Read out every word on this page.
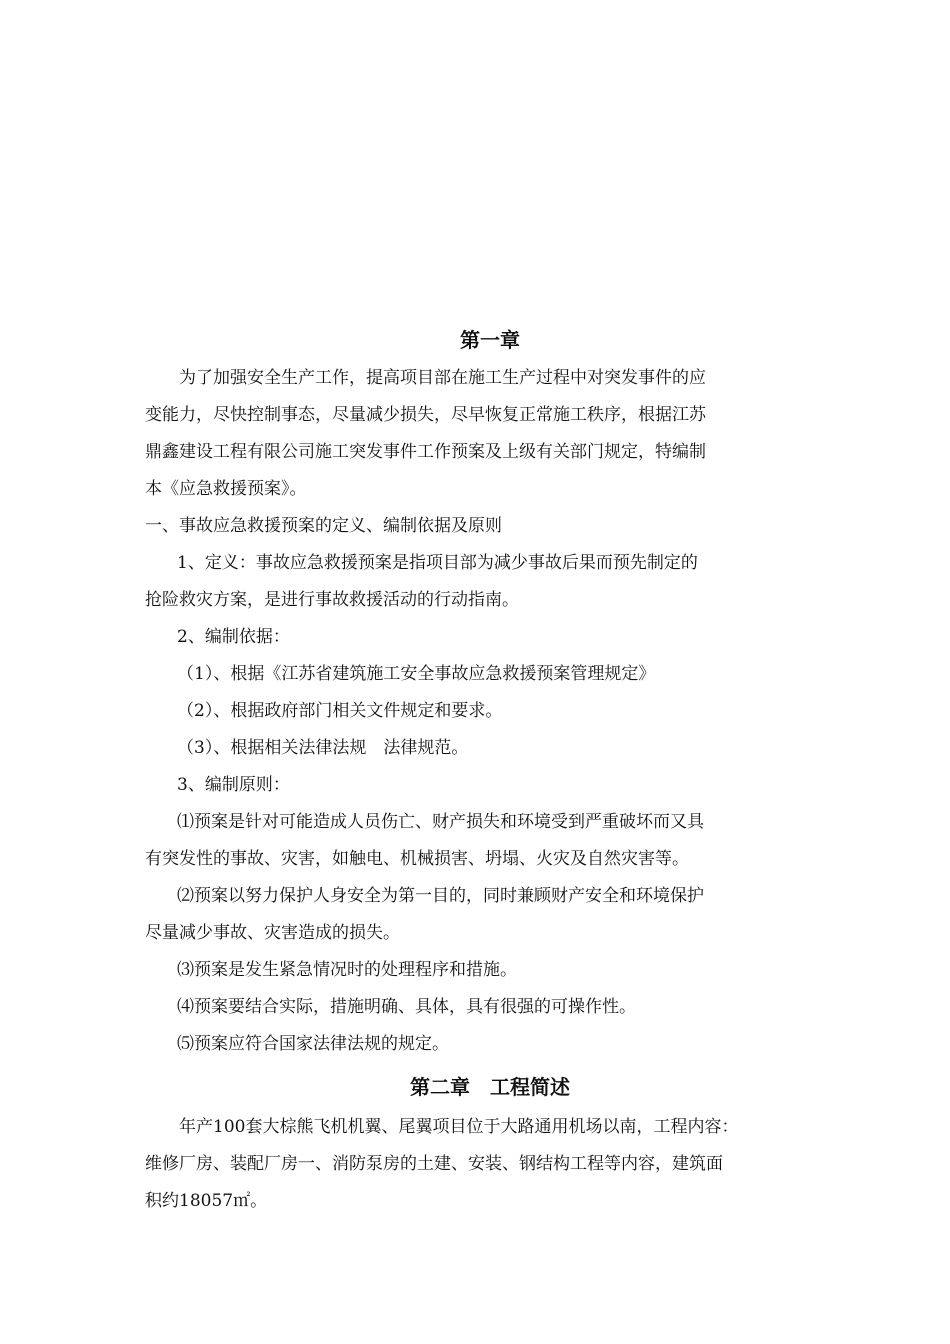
第一章

为了加强安全生产工作，提高项目部在施工生产过程中对突发事件的应

变能力，尽快控制事态，尽量减少损失，尽早恢复正常施工秩序，根据江苏

鼎鑫建设工程有限公司施工突发事件工作预案及上级有关部门规定，特编制

本《应急救援预案》。

一、事故应急救援预案的定义、编制依据及原则

1、定义：事故应急救援预案是指项目部为减少事故后果而预先制定的

抢险救灾方案，是进行事故救援活动的行动指南。

2、编制依据：

（1）、根据《江苏省建筑施工安全事故应急救援预案管理规定》

（2）、根据政府部门相关文件规定和要求。

（3）、根据相关法律法规　法律规范。

3、编制原则：

⑴预案是针对可能造成人员伤亡、财产损失和环境受到严重破坏而又具

有突发性的事故、灾害，如触电、机械损害、坍塌、火灾及自然灾害等。

⑵预案以努力保护人身安全为第一目的，同时兼顾财产安全和环境保护

尽量减少事故、灾害造成的损失。

⑶预案是发生紧急情况时的处理程序和措施。

⑷预案要结合实际，措施明确、具体，具有很强的可操作性。

⑸预案应符合国家法律法规的规定。

第二章　工程简述

年产100套大棕熊飞机机翼、尾翼项目位于大路通用机场以南，工程内容：

维修厂房、装配厂房一、消防泵房的土建、安装、钢结构工程等内容，建筑面

积约18057㎡。
